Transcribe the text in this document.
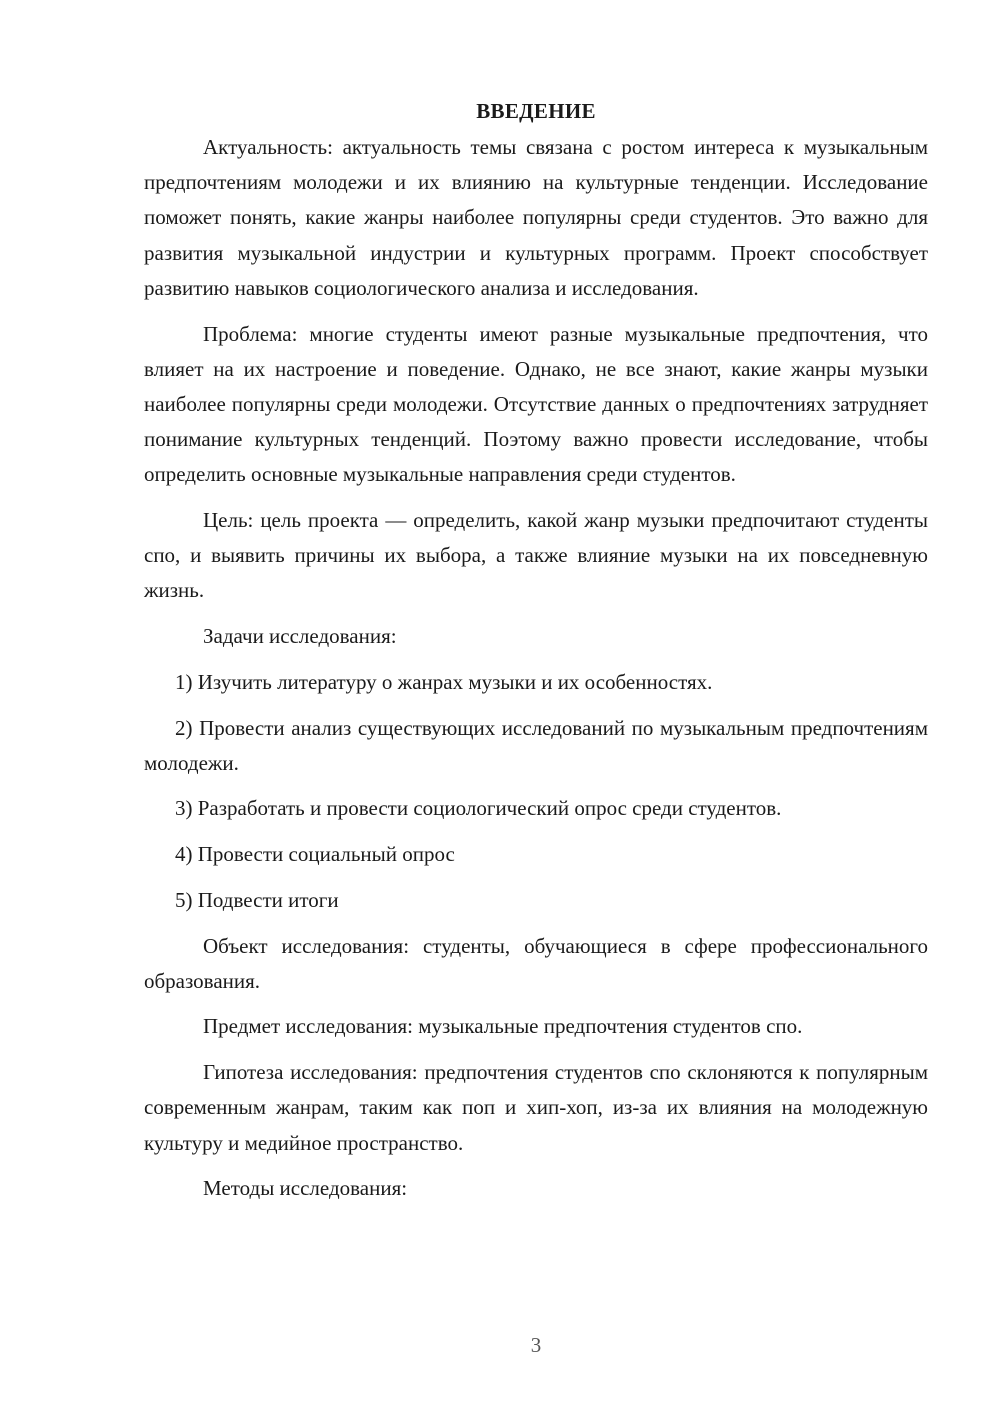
ВВЕДЕНИЕ

Актуальность: актуальность темы связана с ростом интереса к музыкальным предпочтениям молодежи и их влиянию на культурные тенденции. Исследование поможет понять, какие жанры наиболее популярны среди студентов. Это важно для развития музыкальной индустрии и культурных программ. Проект способствует развитию навыков социологического анализа и исследования.

Проблема: многие студенты имеют разные музыкальные предпочтения, что влияет на их настроение и поведение. Однако, не все знают, какие жанры музыки наиболее популярны среди молодежи. Отсутствие данных о предпочтениях затрудняет понимание культурных тенденций. Поэтому важно провести исследование, чтобы определить основные музыкальные направления среди студентов.

Цель: цель проекта — определить, какой жанр музыки предпочитают студенты спо, и выявить причины их выбора, а также влияние музыки на их повседневную жизнь.

Задачи исследования:

1) Изучить литературу о жанрах музыки и их особенностях.

2) Провести анализ существующих исследований по музыкальным предпочтениям молодежи.

3) Разработать и провести социологический опрос среди студентов.

4) Провести социальный опрос

5) Подвести итоги

Объект исследования: студенты, обучающиеся в сфере профессионального образования.

Предмет исследования: музыкальные предпочтения студентов спо.

Гипотеза исследования: предпочтения студентов спо склоняются к популярным современным жанрам, таким как поп и хип-хоп, из-за их влияния на молодежную культуру и медийное пространство.

Методы исследования:

3
